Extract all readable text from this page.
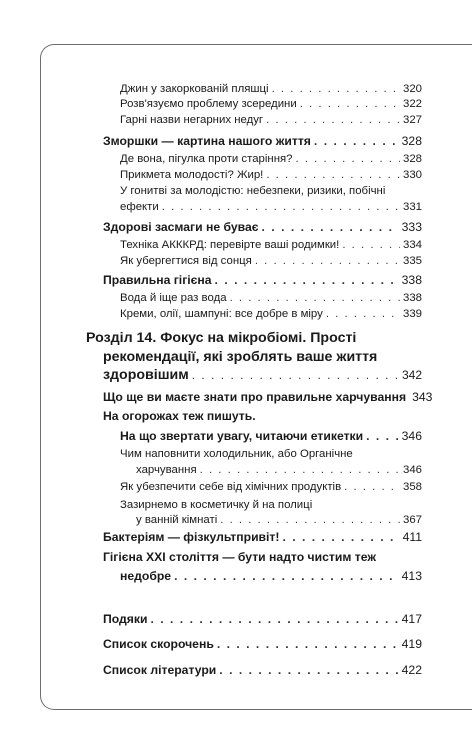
Джин у закоркованій пляшці . . .	320
Розв'язуємо проблему зсередини . . .	322
Гарні назви негарних недуг . . .	327
Зморшки — картина нашого життя . . .	328
Де вона, пігулка проти старіння? . . .	328
Прикмета молодості? Жир! . . .	330
У гонитві за молодістю: небезпеки, ризики, побічні
ефекти . . .	331
Здорові засмаги не буває . . .	333
Техніка АКККРД: перевірте ваші родимки! . . .	334
Як убергегтися від сонця . . .	335
Правильна гігієна . . .	338
Вода й іще раз вода . . .	338
Креми, олії, шампуні: все добре в міру . . .	339
Розділ 14. Фокус на мікробіомі. Прості
рекомендації, які зроблять ваше життя
здоровішим . . .	342
Що ще ви маєте знати про правильне харчування 343
На огорожах теж пишуть.
На що звертати увагу, читаючи етикетки . . .	346
Чим наповнити холодильник, або Органічне
харчування . . .	346
Як убезпечити себе від хімічних продуктів . . .	358
Зазирнемо в косметичку й на полиці
у ванній кімнаті . . .	367
Бактеріям — фізкультпривіт! . . .	411
Гігієна XXI століття — бути надто чистим теж
недобре . . .	413
Подяки . . .	417
Список скорочень . . .	419
Список літератури . . .	422
